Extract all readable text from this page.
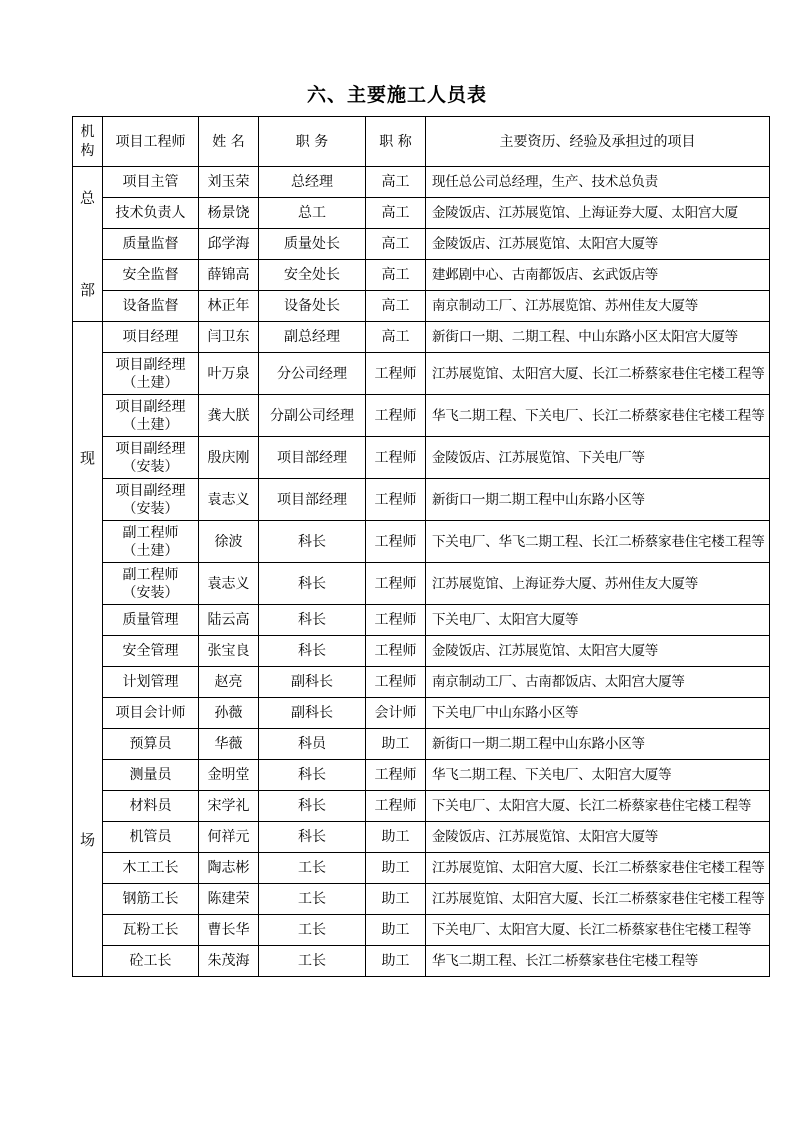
六、主要施工人员表
机构	项目工程师	姓 名	职 务	职 称	主要资历、经验及承担过的项目

总
部	项目主管	刘玉荣	总经理	高工	现任总公司总经理，生产、技术总负责
	技术负责人	杨景饶	总工	高工	金陵饭店、江苏展览馆、上海证券大厦、太阳宫大厦
	质量监督	邱学海	质量处长	高工	金陵饭店、江苏展览馆、太阳宫大厦等
	安全监督	薛锦高	安全处长	高工	建邺剧中心、古南都饭店、玄武饭店等
	设备监督	林正年	设备处长	高工	南京制动工厂、江苏展览馆、苏州佳友大厦等

现
场	项目经理	闫卫东	副总经理	高工	新街口一期、二期工程、中山东路小区太阳宫大厦等
	项目副经理
（土建）	叶万泉	分公司经理	工程师	江苏展览馆、太阳宫大厦、长江二桥蔡家巷住宅楼工程等
	项目副经理
（土建）	龚大朕	分副公司经理	工程师	华飞二期工程、下关电厂、长江二桥蔡家巷住宅楼工程等
	项目副经理
（安装）	殷庆刚	项目部经理	工程师	金陵饭店、江苏展览馆、下关电厂等
	项目副经理
（安装）	袁志义	项目部经理	工程师	新街口一期二期工程中山东路小区等
	副工程师
（土建）	徐波	科长	工程师	下关电厂、华飞二期工程、长江二桥蔡家巷住宅楼工程等
	副工程师
（安装）	袁志义	科长	工程师	江苏展览馆、上海证券大厦、苏州佳友大厦等
	质量管理	陆云高	科长	工程师	下关电厂、太阳宫大厦等
	安全管理	张宝良	科长	工程师	金陵饭店、江苏展览馆、太阳宫大厦等
	计划管理	赵亮	副科长	工程师	南京制动工厂、古南都饭店、太阳宫大厦等
	项目会计师	孙薇	副科长	会计师	下关电厂中山东路小区等
	预算员	华薇	科员	助工	新街口一期二期工程中山东路小区等
	测量员	金明堂	科长	工程师	华飞二期工程、下关电厂、太阳宫大厦等
	材料员	宋学礼	科长	工程师	下关电厂、太阳宫大厦、长江二桥蔡家巷住宅楼工程等
	机管员	何祥元	科长	助工	金陵饭店、江苏展览馆、太阳宫大厦等
	木工工长	陶志彬	工长	助工	江苏展览馆、太阳宫大厦、长江二桥蔡家巷住宅楼工程等
	钢筋工长	陈建荣	工长	助工	江苏展览馆、太阳宫大厦、长江二桥蔡家巷住宅楼工程等
	瓦粉工长	曹长华	工长	助工	下关电厂、太阳宫大厦、长江二桥蔡家巷住宅楼工程等
	砼工长	朱茂海	工长	助工	华飞二期工程、长江二桥蔡家巷住宅楼工程等
